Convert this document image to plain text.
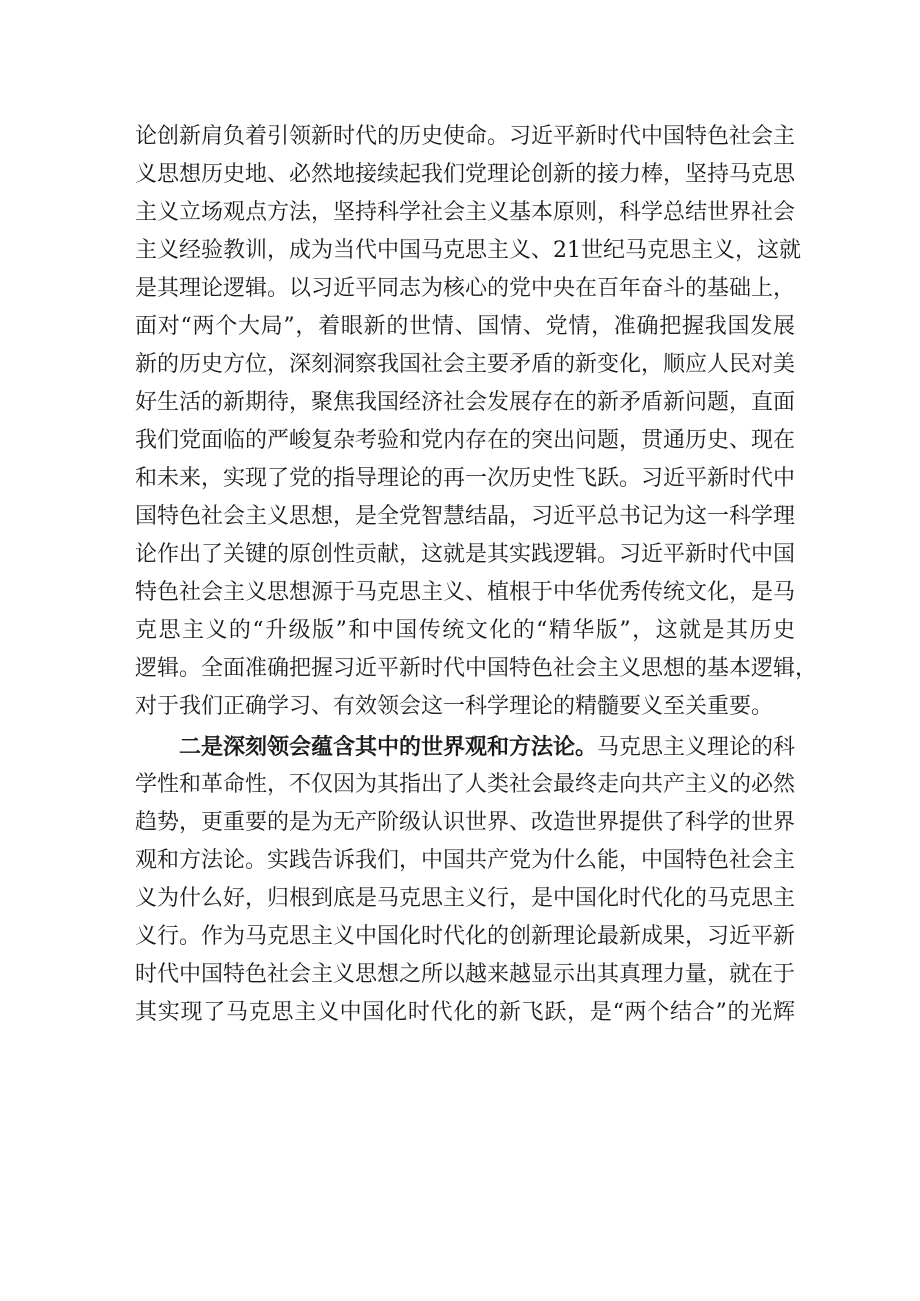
论创新肩负着引领新时代的历史使命。习近平新时代中国特色社会主
义思想历史地、必然地接续起我们党理论创新的接力棒，坚持马克思
主义立场观点方法，坚持科学社会主义基本原则，科学总结世界社会
主义经验教训，成为当代中国马克思主义、21世纪马克思主义，这就
是其理论逻辑。以习近平同志为核心的党中央在百年奋斗的基础上，
面对“两个大局”，着眼新的世情、国情、党情，准确把握我国发展
新的历史方位，深刻洞察我国社会主要矛盾的新变化，顺应人民对美
好生活的新期待，聚焦我国经济社会发展存在的新矛盾新问题，直面
我们党面临的严峻复杂考验和党内存在的突出问题，贯通历史、现在
和未来，实现了党的指导理论的再一次历史性飞跃。习近平新时代中
国特色社会主义思想，是全党智慧结晶，习近平总书记为这一科学理
论作出了关键的原创性贡献，这就是其实践逻辑。习近平新时代中国
特色社会主义思想源于马克思主义、植根于中华优秀传统文化，是马
克思主义的“升级版”和中国传统文化的“精华版”，这就是其历史
逻辑。全面准确把握习近平新时代中国特色社会主义思想的基本逻辑，
对于我们正确学习、有效领会这一科学理论的精髓要义至关重要。
二是深刻领会蕴含其中的世界观和方法论。马克思主义理论的科
学性和革命性，不仅因为其指出了人类社会最终走向共产主义的必然
趋势，更重要的是为无产阶级认识世界、改造世界提供了科学的世界
观和方法论。实践告诉我们，中国共产党为什么能，中国特色社会主
义为什么好，归根到底是马克思主义行，是中国化时代化的马克思主
义行。作为马克思主义中国化时代化的创新理论最新成果，习近平新
时代中国特色社会主义思想之所以越来越显示出其真理力量，就在于
其实现了马克思主义中国化时代化的新飞跃，是“两个结合”的光辉
